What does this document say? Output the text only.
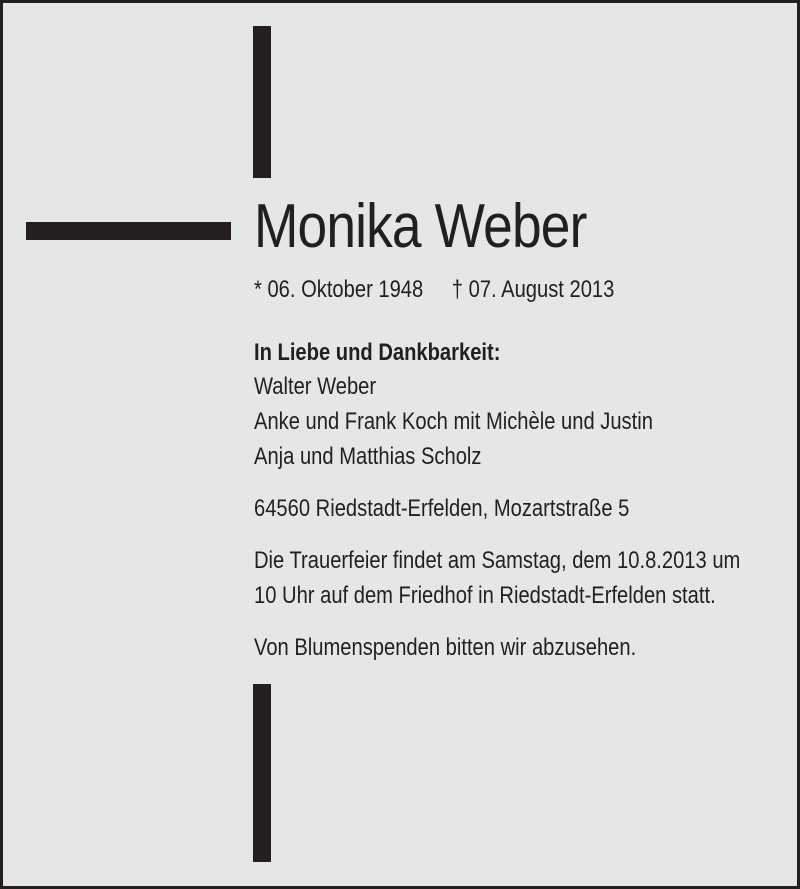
Monika Weber
* 06. Oktober 1948 † 07. August 2013
In Liebe und Dankbarkeit:
Walter Weber
Anke und Frank Koch mit Michèle und Justin
Anja und Matthias Scholz
64560 Riedstadt-Erfelden, Mozartstraße 5
Die Trauerfeier findet am Samstag, dem 10.8.2013 um
10 Uhr auf dem Friedhof in Riedstadt-Erfelden statt.
Von Blumenspenden bitten wir abzusehen.
